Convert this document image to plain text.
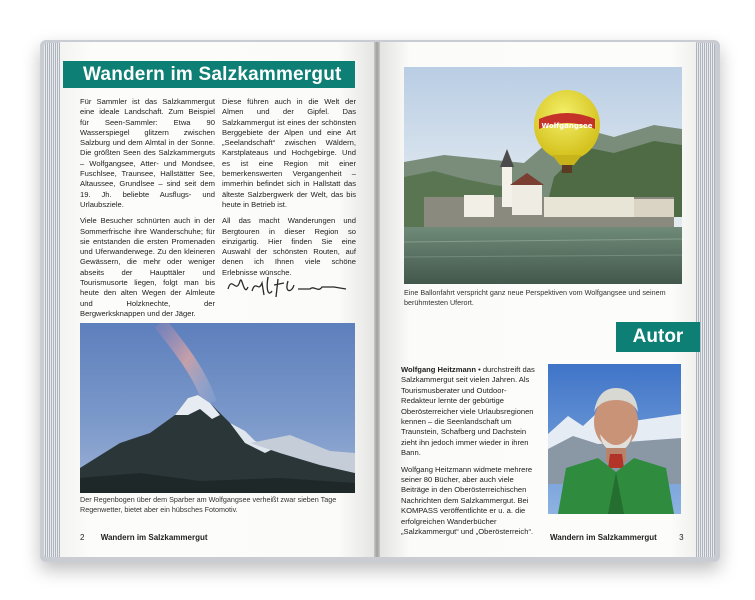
Wandern im Salzkammergut

Für Sammler ist das Salzkammergut eine ideale Landschaft. Zum Beispiel für Seen-Sammler: Etwa 90 Wasserspiegel glitzern zwischen Salzburg und dem Almtal in der Sonne. Die größten Seen des Salzkammerguts – Wolfgangsee, Atter- und Mondsee, Fuschlsee, Traunsee, Hallstätter See, Altaussee, Grundlsee – sind seit dem 19. Jh. beliebte Ausflugs- und Urlaubsziele.

Viele Besucher schnürten auch in der Sommerfrische ihre Wanderschuhe; für sie entstanden die ersten Promenaden und Uferwanderwege. Zu den kleineren Gewässern, die mehr oder weniger abseits der Haupttäler und Tourismusorte liegen, folgt man bis heute den alten Wegen der Almleute und Holzknechte, der Bergwerksknappen und der Jäger.

Diese führen auch in die Welt der Almen und der Gipfel. Das Salzkammergut ist eines der schönsten Berggebiete der Alpen und eine Art „Seelandschaft“ zwischen Wäldern, Karstplateaus und Hochgebirge. Und es ist eine Region mit einer bemerkenswerten Vergangenheit – immerhin befindet sich in Hallstatt das älteste Salzbergwerk der Welt, das bis heute in Betrieb ist.

All das macht Wanderungen und Bergtouren in dieser Region so einzigartig. Hier finden Sie eine Auswahl der schönsten Routen, auf denen ich Ihnen viele schöne Erlebnisse wünsche.

Der Regenbogen über dem Sparber am Wolfgangsee verheißt zwar sieben Tage Regenwetter, bietet aber ein hübsches Fotomotiv.
2 Wandern im Salzkammergut
Wolfgangsee
Eine Ballonfahrt verspricht ganz neue Perspektiven vom Wolfgangsee und seinem berühmtesten Uferort.
Autor

Wolfgang Heitzmann • durchstreift das Salzkammergut seit vielen Jahren. Als Tourismusberater und Outdoor-Redakteur lernte der gebürtige Oberösterreicher viele Urlaubsregionen kennen – die Seenlandschaft um Traunstein, Schafberg und Dachstein zieht ihn jedoch immer wieder in ihren Bann.

Wolfgang Heitzmann widmete mehrere seiner 80 Bücher, aber auch viele Beiträge in den Oberösterreichischen Nachrichten dem Salzkammergut. Bei KOMPASS veröffentlichte er u. a. die erfolgreichen Wanderbücher „Salzkammergut“ und „Oberösterreich“.

Wandern im Salzkammergut	3
